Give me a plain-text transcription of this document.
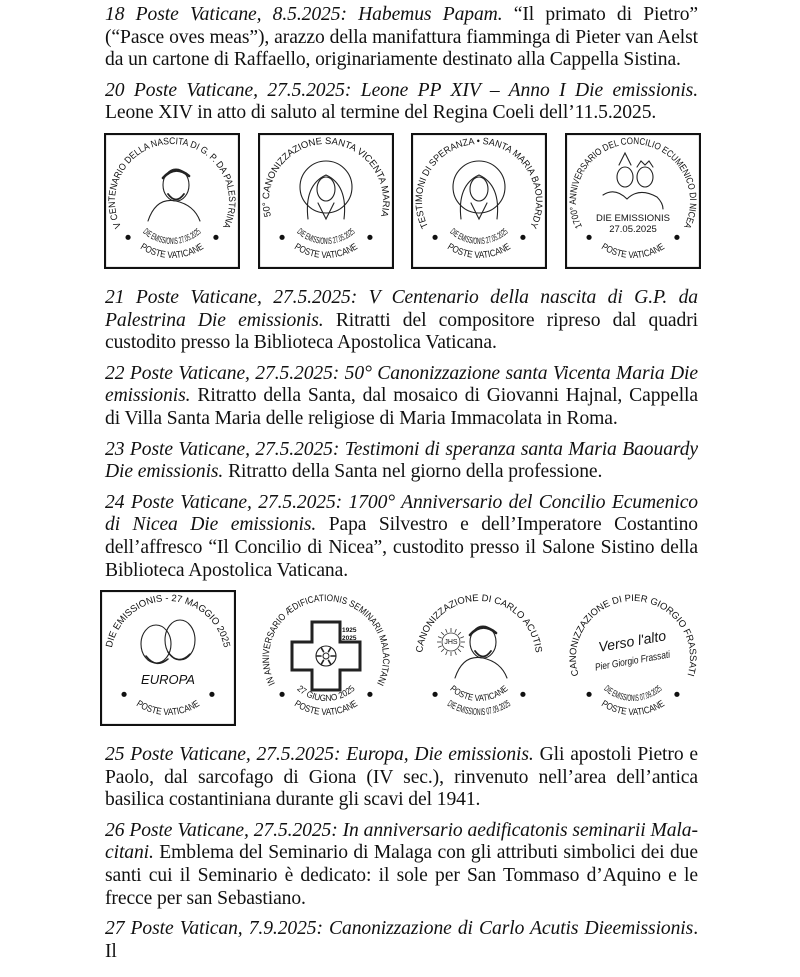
18 Poste Vaticane, 8.5.2025: Habemus Papam. “Il primato di Pietro” (“Pasce oves meas”), arazzo della manifattura fiamminga di Pieter van Aelst da un cartone di Raffaello, originariamente destinato alla Cappella Sistina.

20 Poste Vaticane, 27.5.2025: Leone PP XIV – Anno I Die emissionis. Leone XIV in atto di saluto al termine del Regina Coeli dell’11.5.2025.

V CENTENARIO DELLA NASCITA DI G. P. DA PALESTRINA
DIE EMISSIONIS 27.05.2025
POSTE VATICANE
50° CANONIZZAZIONE SANTA VICENTA MARIA
DIE EMISSIONIS 27.05.2025
POSTE VATICANE
TESTIMONI DI SPERANZA • SANTA MARIA BAOUARDY
DIE EMISSIONIS 27.05.2025
POSTE VATICANE
1700° ANNIVERSARIO DEL CONCILIO ECUMENICO DI NICEA
POSTE VATICANE
DIE EMISSIONIS
27.05.2025

21 Poste Vaticane, 27.5.2025: V Centenario della nascita di G.P. da Palestrina Die emissionis. Ritratti del compositore ripreso dal quadri custodito presso la Biblioteca Apostolica Vaticana.

22 Poste Vaticane, 27.5.2025: 50° Canonizzazione santa Vicenta Maria Die emissionis. Ritratto della Santa, dal mosaico di Giovanni Hajnal, Cappella di Villa Santa Maria delle religiose di Maria Immacolata in Roma.

23 Poste Vaticane, 27.5.2025: Testimoni di speranza santa Maria Baouardy Die emissionis. Ritratto della Santa nel giorno della professione.

24 Poste Vaticane, 27.5.2025: 1700° Anniversario del Concilio Ecumenico di Nicea Die emissionis. Papa Silvestro e dell’Imperatore Costantino dell’affresco “Il Concilio di Nicea”, custodito presso il Salone Sistino della Biblioteca Apostolica Vaticana.

DIE EMISSIONIS - 27 MAGGIO 2025
POSTE VATICANE
EUROPA	IN ANNIVERSARIO ÆDIFICATIONIS SEMINARII MALACITANI
27 GIUGNO 2025
POSTE VATICANE
1925
2025
CANONIZZAZIONE DI CARLO ACUTIS
POSTE VATICANE
DIE EMISSIONIS 07.09.2025
JHS
CANONIZZAZIONE DI PIER GIORGIO FRASSATI
DIE EMISSIONIS 07.09.2025
POSTE VATICANE
Verso l'alto
Pier Giorgio Frassati

25 Poste Vaticane, 27.5.2025: Europa, Die emissionis. Gli apostoli Pietro e Paolo, dal sarcofago di Giona (IV sec.), rinvenuto nell’area dell’antica basilica costantiniana durante gli scavi del 1941.

26 Poste Vaticane, 27.5.2025: In anniversario aedificatonis seminarii Malacitani. Emblema del Seminario di Malaga con gli attributi simbolici dei due santi cui il Seminario è dedicato: il sole per San Tommaso d’Aquino e le frecce per san Sebastiano.

27 Poste Vatican, 7.9.2025: Canonizzazione di Carlo Acutis Dieemissionis. Il
